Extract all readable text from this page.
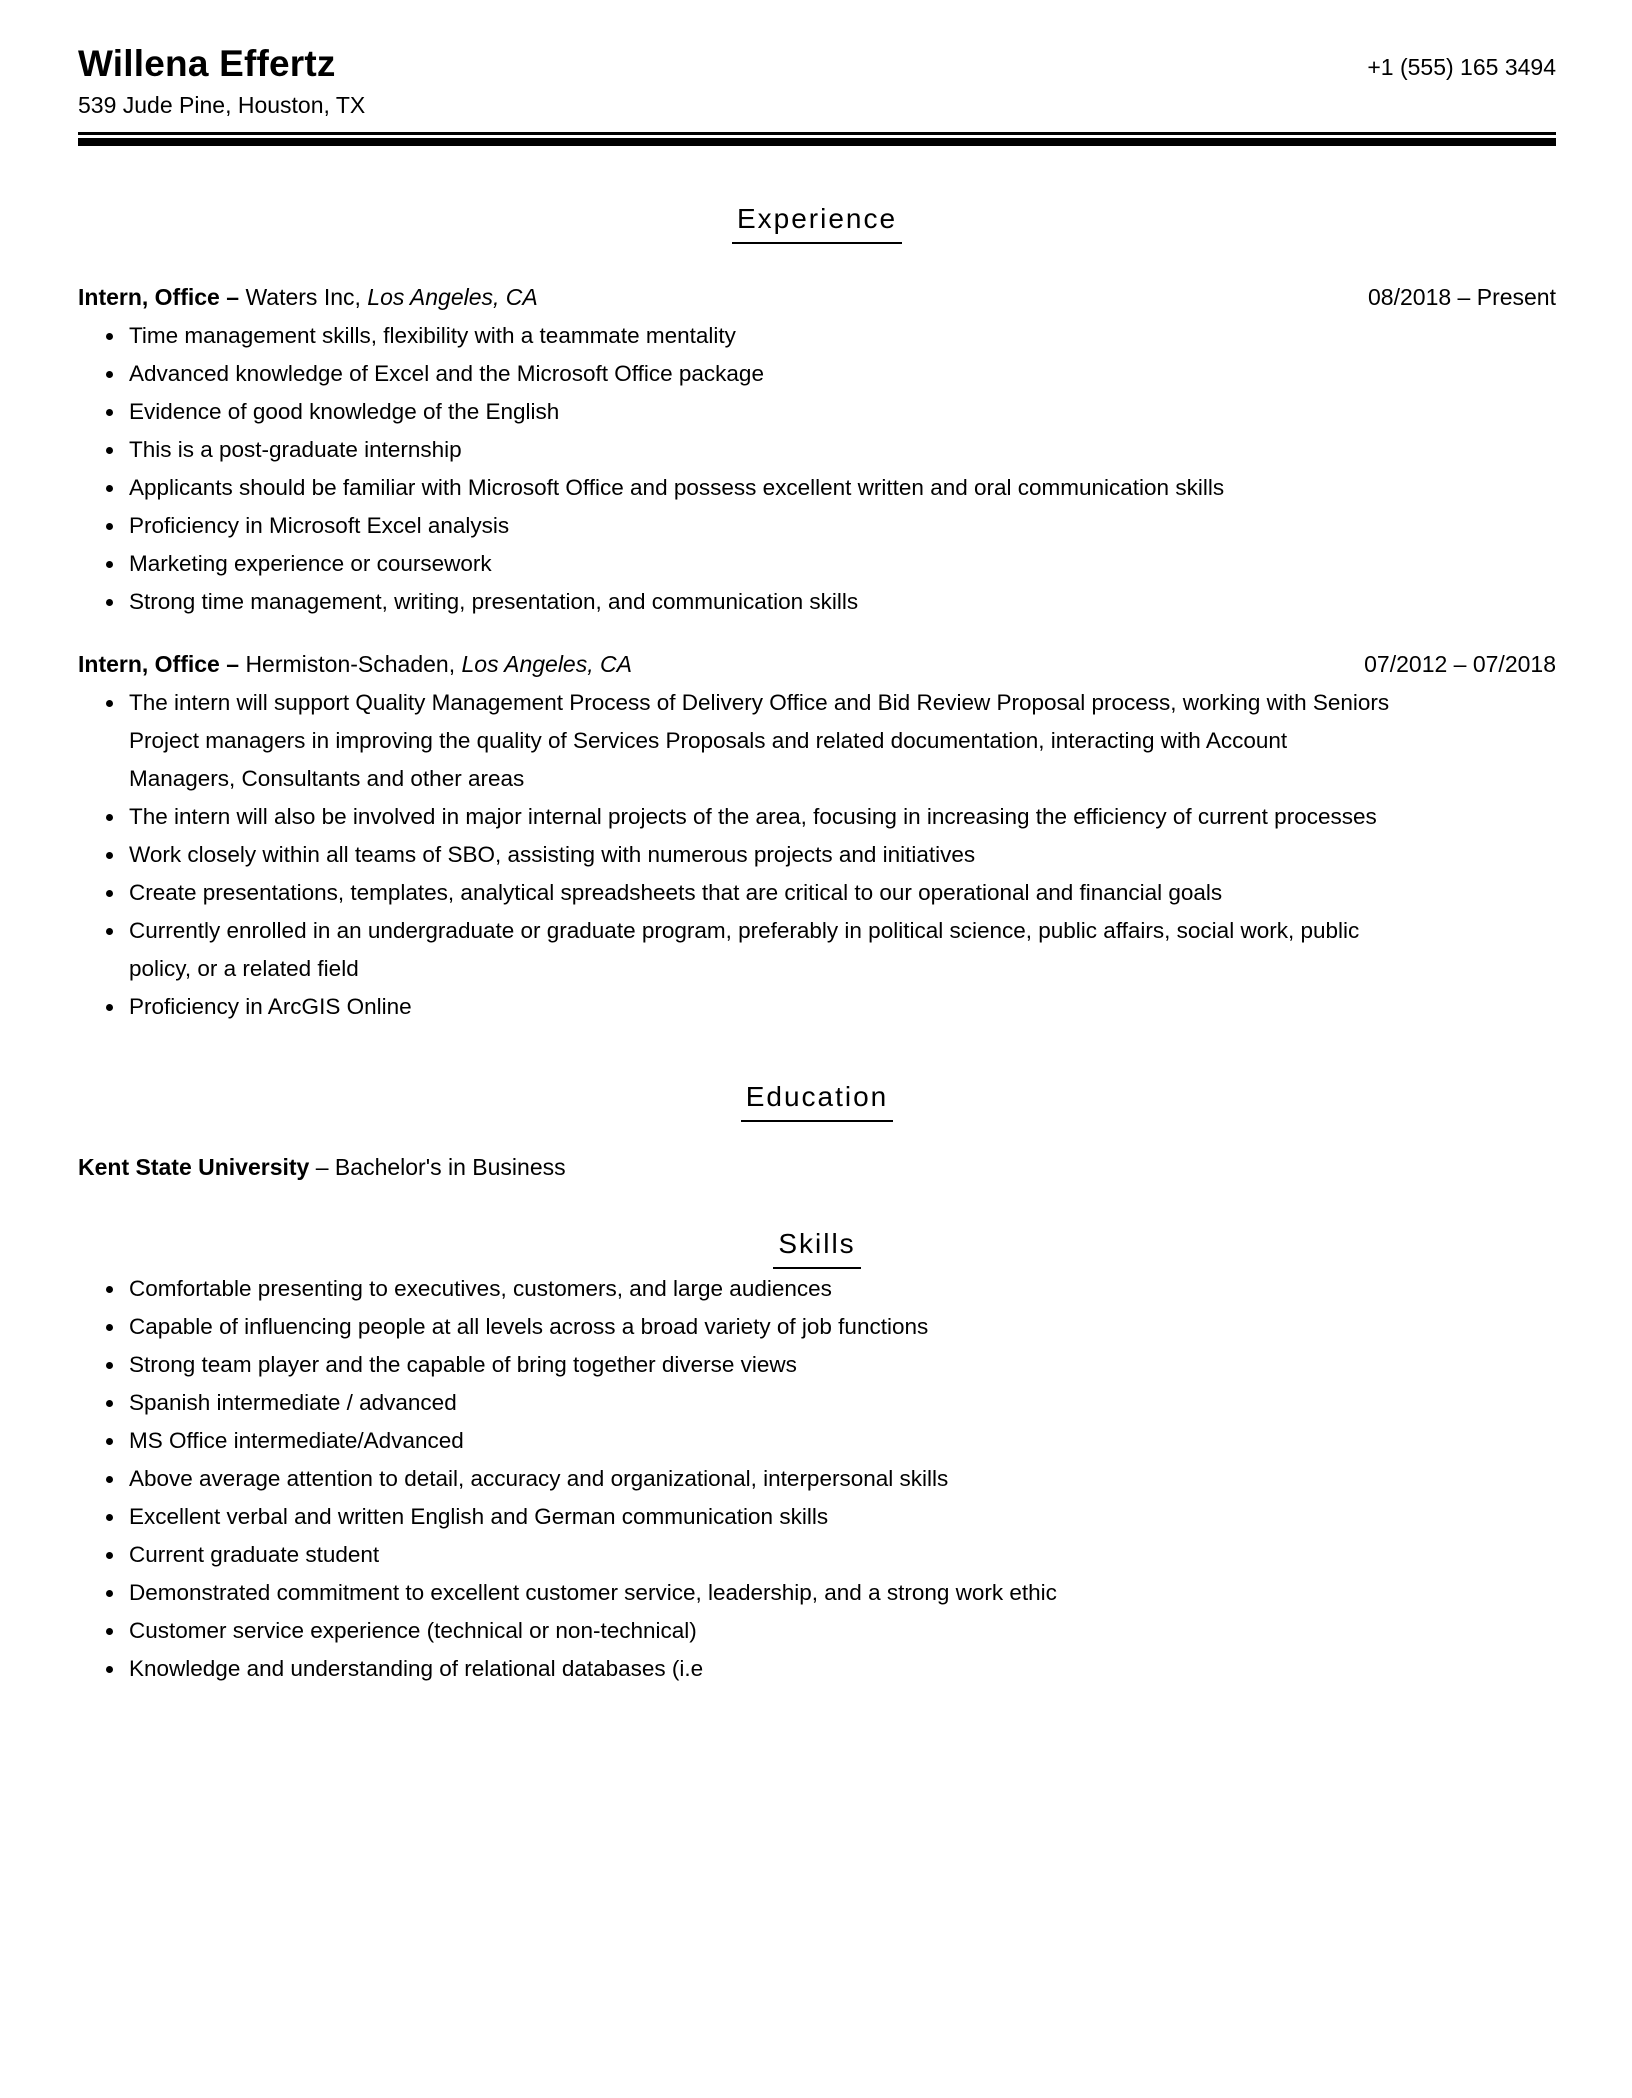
Willena Effertz	+1 (555) 165 3494
539 Jude Pine, Houston, TX
Experience
Intern, Office – Waters Inc, Los Angeles, CA	08/2018 – Present
• Time management skills, flexibility with a teammate mentality
• Advanced knowledge of Excel and the Microsoft Office package
• Evidence of good knowledge of the English
• This is a post-graduate internship
• Applicants should be familiar with Microsoft Office and possess excellent written and oral communication skills
• Proficiency in Microsoft Excel analysis
• Marketing experience or coursework
• Strong time management, writing, presentation, and communication skills
Intern, Office – Hermiston-Schaden, Los Angeles, CA	07/2012 – 07/2018
• The intern will support Quality Management Process of Delivery Office and Bid Review Proposal process, working with Seniors Project managers in improving the quality of Services Proposals and related documentation, interacting with Account Managers, Consultants and other areas
• The intern will also be involved in major internal projects of the area, focusing in increasing the efficiency of current processes
• Work closely within all teams of SBO, assisting with numerous projects and initiatives
• Create presentations, templates, analytical spreadsheets that are critical to our operational and financial goals
• Currently enrolled in an undergraduate or graduate program, preferably in political science, public affairs, social work, public policy, or a related field
• Proficiency in ArcGIS Online
Education
Kent State University – Bachelor's in Business
Skills
• Comfortable presenting to executives, customers, and large audiences
• Capable of influencing people at all levels across a broad variety of job functions
• Strong team player and the capable of bring together diverse views
• Spanish intermediate / advanced
• MS Office intermediate/Advanced
• Above average attention to detail, accuracy and organizational, interpersonal skills
• Excellent verbal and written English and German communication skills
• Current graduate student
• Demonstrated commitment to excellent customer service, leadership, and a strong work ethic
• Customer service experience (technical or non-technical)
• Knowledge and understanding of relational databases (i.e
